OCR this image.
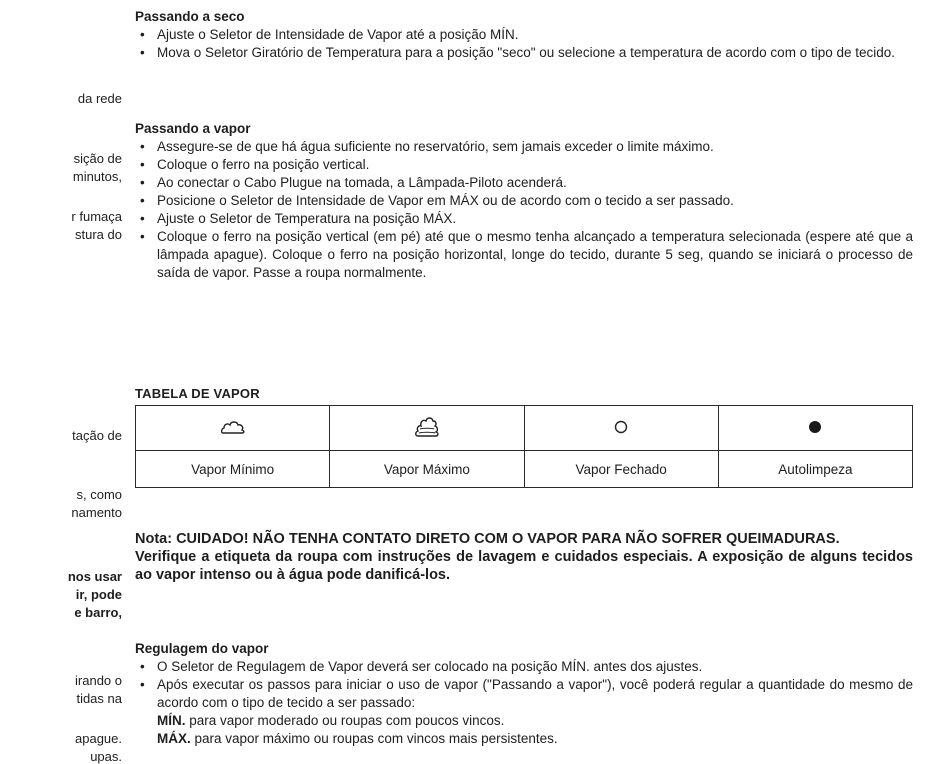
da rede
sição de
minutos,
r fumaça
stura do
tação de
s, como
namento
nos usar
ir, pode
e barro,
irando o
tidas na
apague.
upas.

Passando a seco

• Ajuste o Seletor de Intensidade de Vapor até a posição MÍN.
• Mova o Seletor Giratório de Temperatura para a posição "seco" ou selecione a temperatura de acordo com o tipo de tecido.

Passando a vapor

• Assegure-se de que há água suficiente no reservatório, sem jamais exceder o limite máximo.
• Coloque o ferro na posição vertical.
• Ao conectar o Cabo Plugue na tomada, a Lâmpada-Piloto acenderá.
• Posicione o Seletor de Intensidade de Vapor em MÁX ou de acordo com o tecido a ser passado.
• Ajuste o Seletor de Temperatura na posição MÁX.
• Coloque o ferro na posição vertical (em pé) até que o mesmo tenha alcançado a temperatura selecionada (espere até que a lâmpada apague). Coloque o ferro na posição horizontal, longe do tecido, durante 5 seg, quando se iniciará o processo de saída de vapor. Passe a roupa normalmente.
TABELA DE VAPOR

Vapor Mínimo	Vapor Máximo	Vapor Fechado	Autolimpeza

Nota: CUIDADO! NÃO TENHA CONTATO DIRETO COM O VAPOR PARA NÃO SOFRER QUEIMADURAS.

Verifique a etiqueta da roupa com instruções de lavagem e cuidados especiais. A exposição de alguns tecidos ao vapor intenso ou à água pode danificá-los.

Regulagem do vapor

• O Seletor de Regulagem de Vapor deverá ser colocado na posição MÍN. antes dos ajustes.
• Após executar os passos para iniciar o uso de vapor ("Passando a vapor"), você poderá regular a quantidade do mesmo de acordo com o tipo de tecido a ser passado:
MÍN. para vapor moderado ou roupas com poucos vincos.
MÁX. para vapor máximo ou roupas com vincos mais persistentes.
